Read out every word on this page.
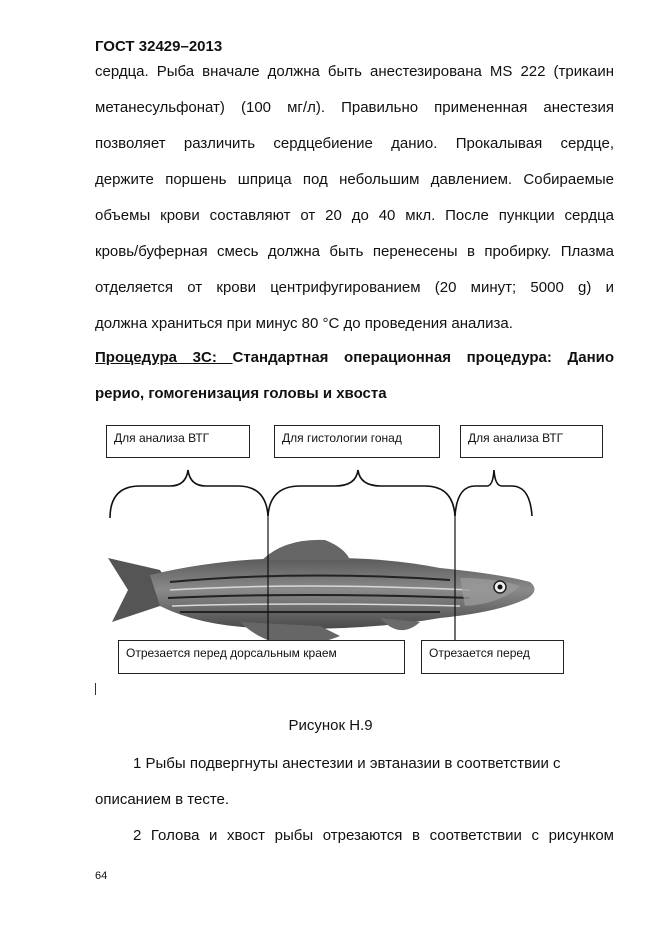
ГОСТ 32429–2013
сердца. Рыба вначале должна быть анестезирована MS 222 (трикаин
метанесульфонат) (100 мг/л). Правильно примененная анестезия
позволяет различить сердцебиение данио. Прокалывая сердце,
держите поршень шприца под небольшим давлением. Собираемые
объемы крови составляют от 20 до 40 мкл. После пункции сердца
кровь/буферная смесь должна быть перенесены в пробирку. Плазма
отделяется от крови центрифугированием (20 минут; 5000 g) и
должна храниться при минус 80 °С до проведения анализа.
Процедура 3С: Стандартная операционная процедура: Данио
рерио, гомогенизация головы и хвоста
Для анализа ВТГ	Для гистологии гонад	Для анализа ВТГ
Отрезается перед дорсальным краем	Отрезается перед
Рисунок Н.9
1 Рыбы подвергнуты анестезии и эвтаназии в соответствии с
описанием в тесте.
2 Голова и хвост рыбы отрезаются в соответствии с рисунком
64
